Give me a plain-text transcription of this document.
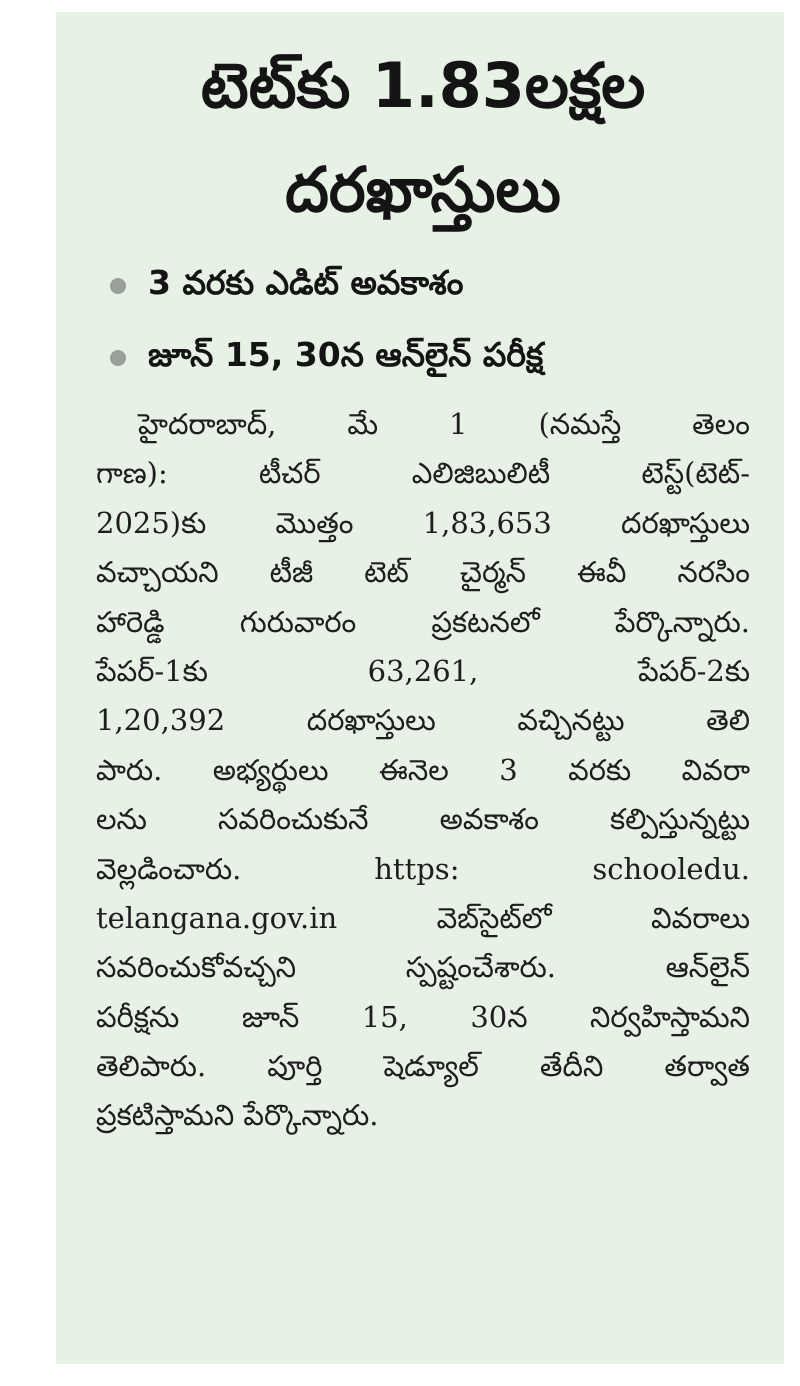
టెట్‌కు 1.83లక్షల
దరఖాస్తులు
3 వరకు ఎడిట్ అవకాశం
జూన్ 15, 30న ఆన్‌లైన్ పరీక్ష
హైదరాబాద్, మే 1 (నమస్తే తెలం
గాణ): టీచర్ ఎలిజిబులిటీ టెస్ట్(టెట్-
2025)కు మొత్తం 1,83,653 దరఖాస్తులు
వచ్చాయని టీజీ టెట్ చైర్మన్ ఈవీ నరసిం
హారెడ్డి గురువారం ప్రకటనలో పేర్కొన్నారు.
పేపర్-1కు 63,261, పేపర్-2కు
1,20,392 దరఖాస్తులు వచ్చినట్టు తెలి
పారు. అభ్యర్థులు ఈనెల 3 వరకు వివరా
లను సవరించుకునే అవకాశం కల్పిస్తున్నట్టు
వెల్లడించారు. https: schooledu.
telangana.gov.in వెబ్‌సైట్‌లో వివరాలు
సవరించుకోవచ్చని స్పష్టంచేశారు. ఆన్‌లైన్
పరీక్షను జూన్ 15, 30న నిర్వహిస్తామని
తెలిపారు. పూర్తి షెడ్యూల్ తేదీని తర్వాత
ప్రకటిస్తామని పేర్కొన్నారు.
